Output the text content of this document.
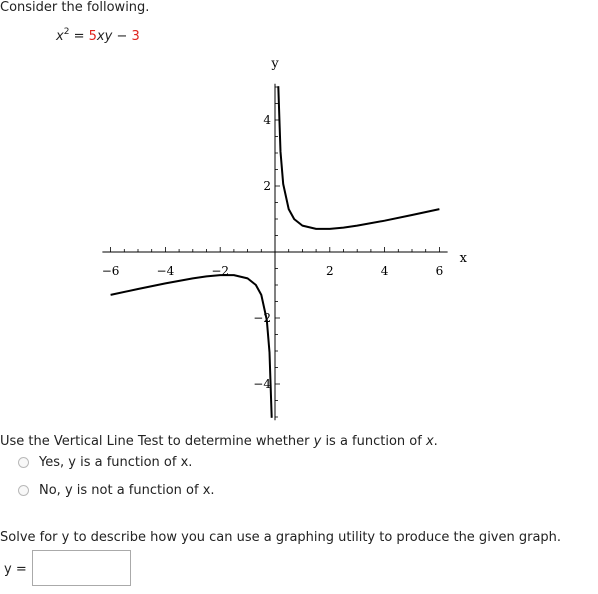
Consider the following.
$x^2 = 5xy - 3$
−6	−4	−2	2	4	6
−4
−2
2
4
x
y
Use the Vertical Line Test to determine whether y is a function of x.
Yes, y is a function of x.
No, y is not a function of x.
Solve for y to describe how you can use a graphing utility to produce the given graph.
y =
